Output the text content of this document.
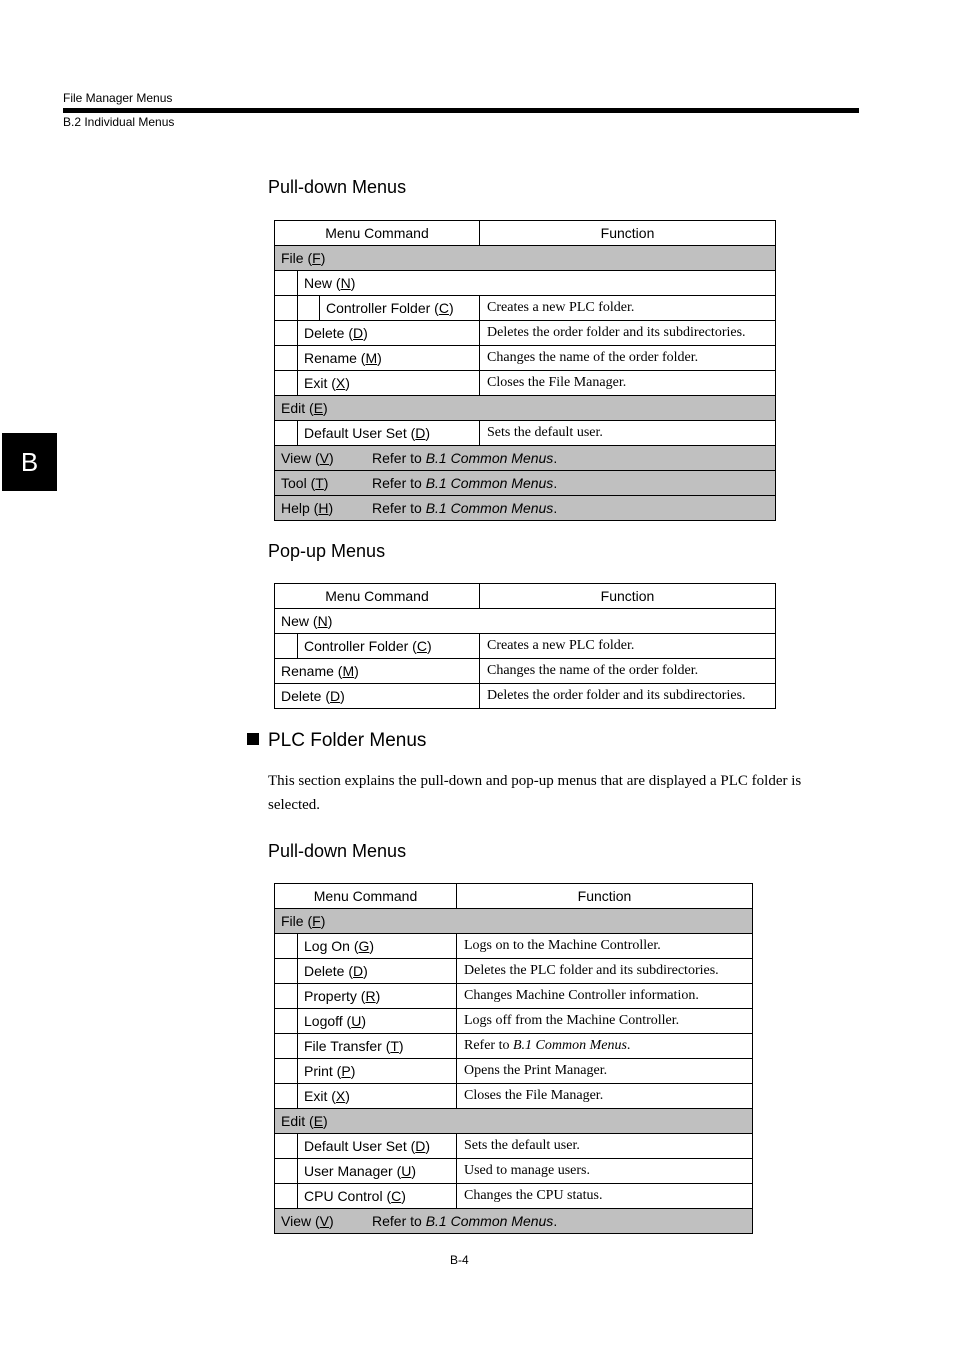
File Manager Menus
B.2 Individual Menus
B
Pull-down Menus
Menu Command			Function
File (F)			
	New (N)		
		Controller Folder (C)	Creates a new PLC folder.
	Delete (D)		Deletes the order folder and its subdirectories.
	Rename (M)		Changes the name of the order folder.
	Exit (X)		Closes the File Manager.
Edit (E)			
	Default User Set (D)		Sets the default user.
View (V) Refer to B.1 Common Menus.			
Tool (T) Refer to B.1 Common Menus.			
Help (H) Refer to B.1 Common Menus.			
Pop-up Menus
Menu Command		Function
New (N)		
	Controller Folder (C)	Creates a new PLC folder.
Rename (M)		Changes the name of the order folder.
Delete (D)		Deletes the order folder and its subdirectories.
PLC Folder Menus
This section explains the pull-down and pop-up menus that are displayed a PLC folder is selected.
Pull-down Menus
Menu Command		Function
File (F)		
	Log On (G)	Logs on to the Machine Controller.
	Delete (D)	Deletes the PLC folder and its subdirectories.
	Property (R)	Changes Machine Controller information.
	Logoff (U)	Logs off from the Machine Controller.
	File Transfer (T)	Refer to B.1 Common Menus.
	Print (P)	Opens the Print Manager.
	Exit (X)	Closes the File Manager.
Edit (E)		
	Default User Set (D)	Sets the default user.
	User Manager (U)	Used to manage users.
	CPU Control (C)	Changes the CPU status.
View (V) Refer to B.1 Common Menus.		
B-4
